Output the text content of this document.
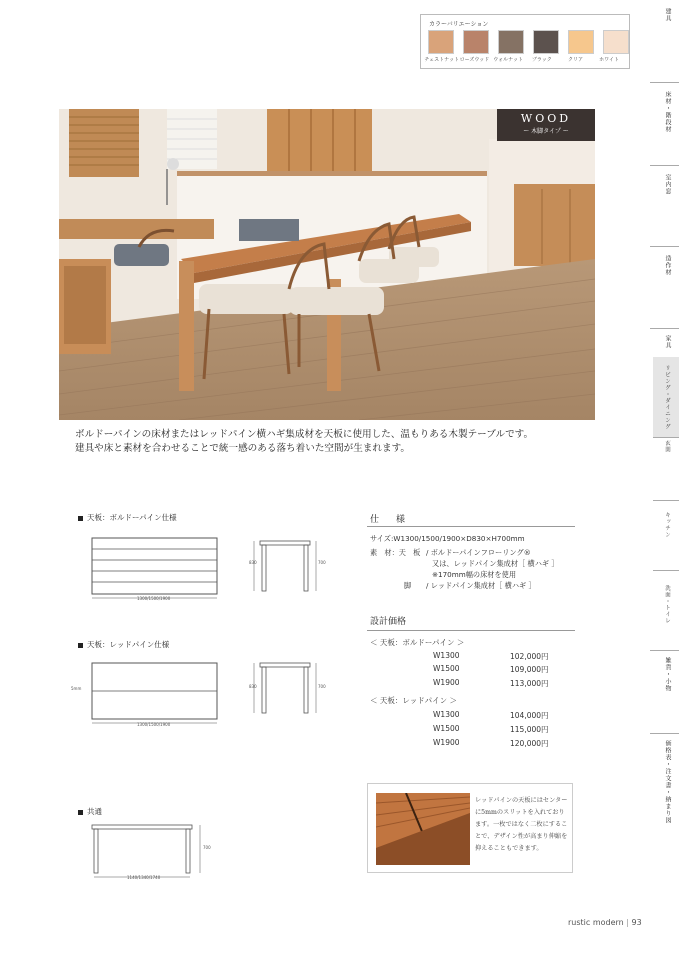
カラーバリエーション
チェストナット ローズウッド ウォルナット	ブラック	クリア	ホワイト
WOOD
ー 木脚タイプ ー
ボルドーパインの床材またはレッドパイン横ハギ集成材を天板に使用した、温もりある木製テーブルです。
建具や床と素材を合わせることで統一感のある落ち着いた空間が生まれます。
建具
床材・階段材
室内窓
造作材
家具
リビング・ダイニング
玄関
キッチン
洗面・トイレ
雑貨・小物
価格表・注文書・納まり図
天板：ボルドーパイン仕様
1300/1500/1900
830	700
天板：レッドパイン仕様
5mm
1300/1500/1900
830	700
共通
1140/1340/1740
700
仕　様
サイズ:W1300/1500/1900×D830×H700mm
素　材：天　板 / ボルドーパインフローリング®
又は、レッドパイン集成材［ 横ハギ ］
※170mm幅の床材を使用
脚 / レッドパイン集成材［ 横ハギ ］
設計価格
＜ 天板：ボルドーパイン ＞
W1300	102,000円
W1500	109,000円
W1900	113,000円
＜ 天板：レッドパイン ＞
W1300	104,000円
W1500	115,000円
W1900	120,000円
レッドパインの天板にはセンターに5mmのスリットを入れております。一枚ではなく二枚にすることで、デザイン性が高まり伸縮を抑えることもできます。
rustic modern | 93
